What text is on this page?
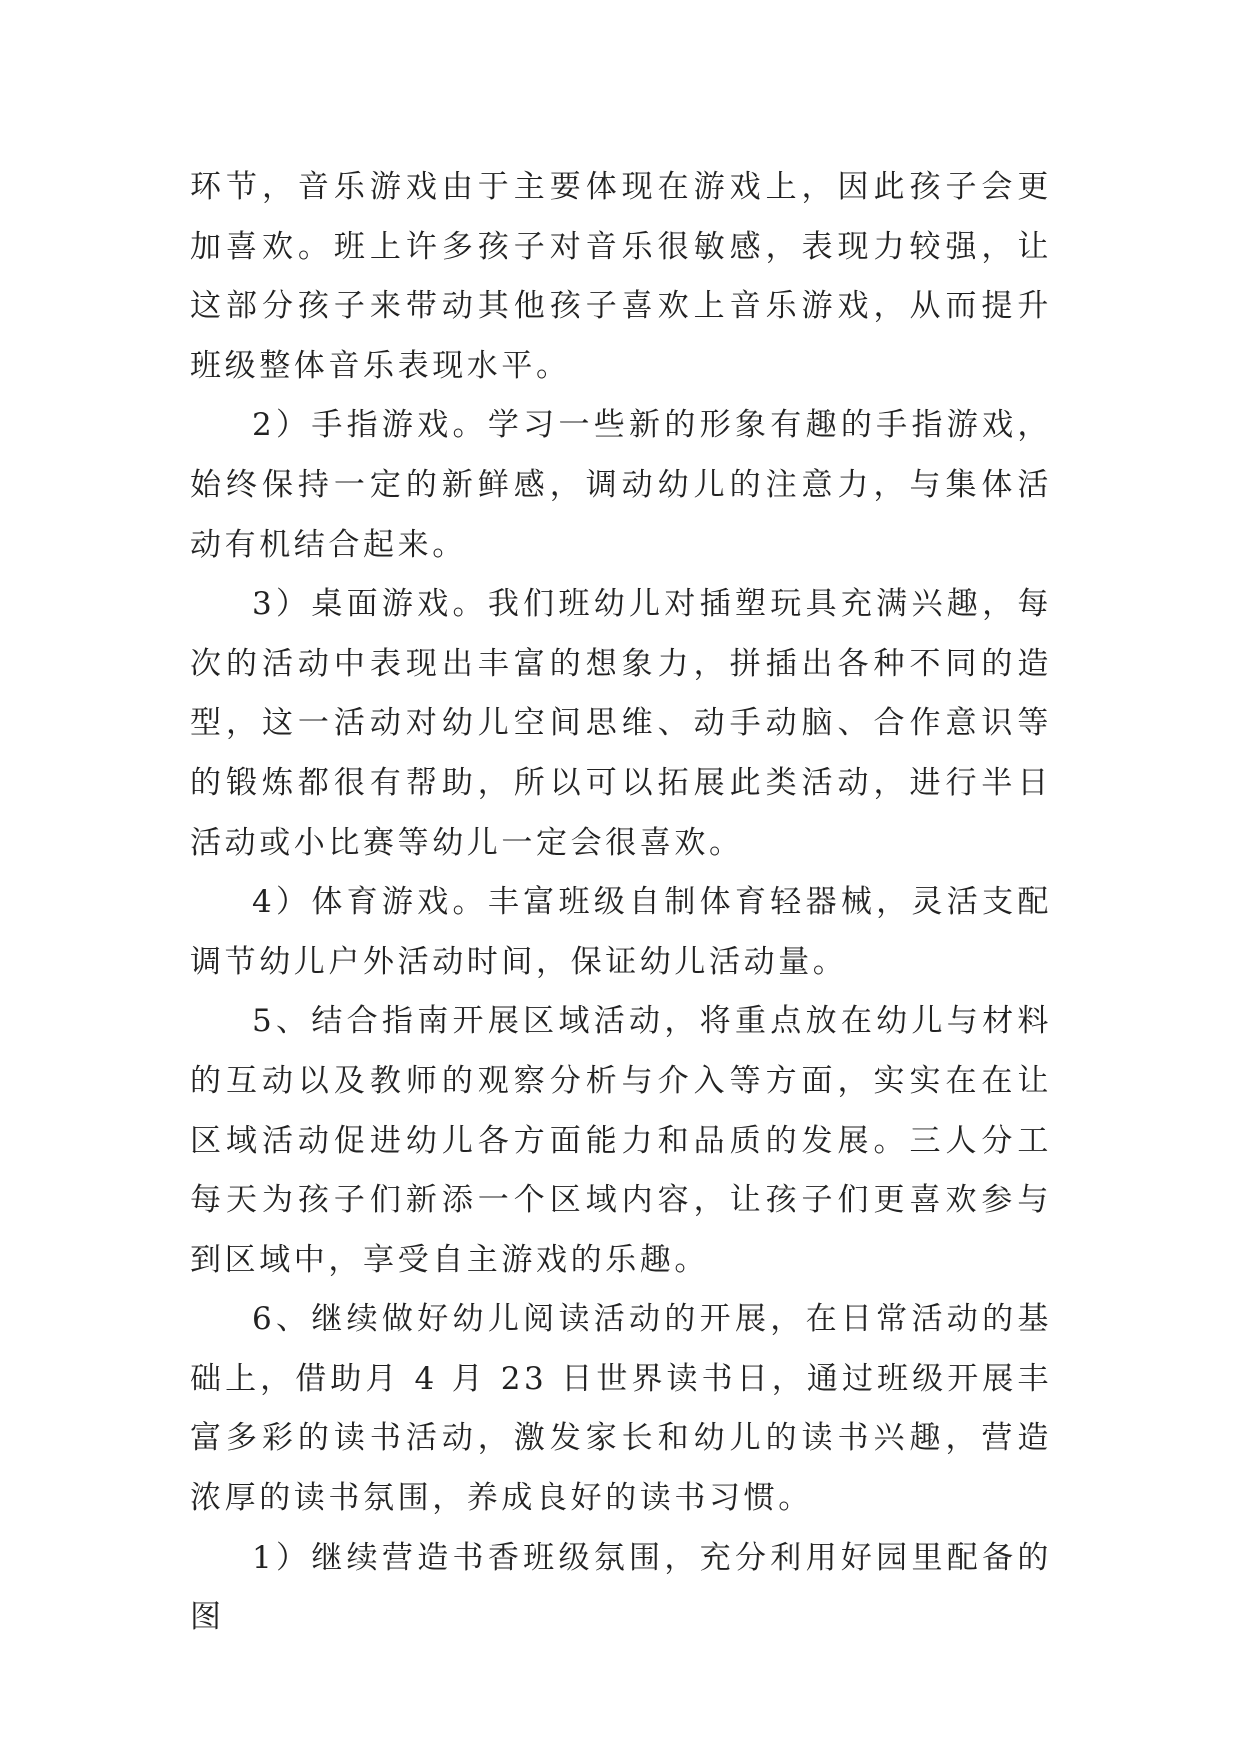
环节，音乐游戏由于主要体现在游戏上，因此孩子会更加喜欢。班上许多孩子对音乐很敏感，表现力较强，让这部分孩子来带动其他孩子喜欢上音乐游戏，从而提升班级整体音乐表现水平。

2）手指游戏。学习一些新的形象有趣的手指游戏，始终保持一定的新鲜感，调动幼儿的注意力，与集体活动有机结合起来。

3）桌面游戏。我们班幼儿对插塑玩具充满兴趣，每次的活动中表现出丰富的想象力，拼插出各种不同的造型，这一活动对幼儿空间思维、动手动脑、合作意识等的锻炼都很有帮助，所以可以拓展此类活动，进行半日活动或小比赛等幼儿一定会很喜欢。

4）体育游戏。丰富班级自制体育轻器械，灵活支配调节幼儿户外活动时间，保证幼儿活动量。

5、结合指南开展区域活动，将重点放在幼儿与材料的互动以及教师的观察分析与介入等方面，实实在在让区域活动促进幼儿各方面能力和品质的发展。三人分工每天为孩子们新添一个区域内容，让孩子们更喜欢参与到区域中，享受自主游戏的乐趣。

6、继续做好幼儿阅读活动的开展，在日常活动的基础上，借助月 4 月 23 日世界读书日，通过班级开展丰富多彩的读书活动，激发家长和幼儿的读书兴趣，营造浓厚的读书氛围，养成良好的读书习惯。

1）继续营造书香班级氛围，充分利用好园里配备的图
